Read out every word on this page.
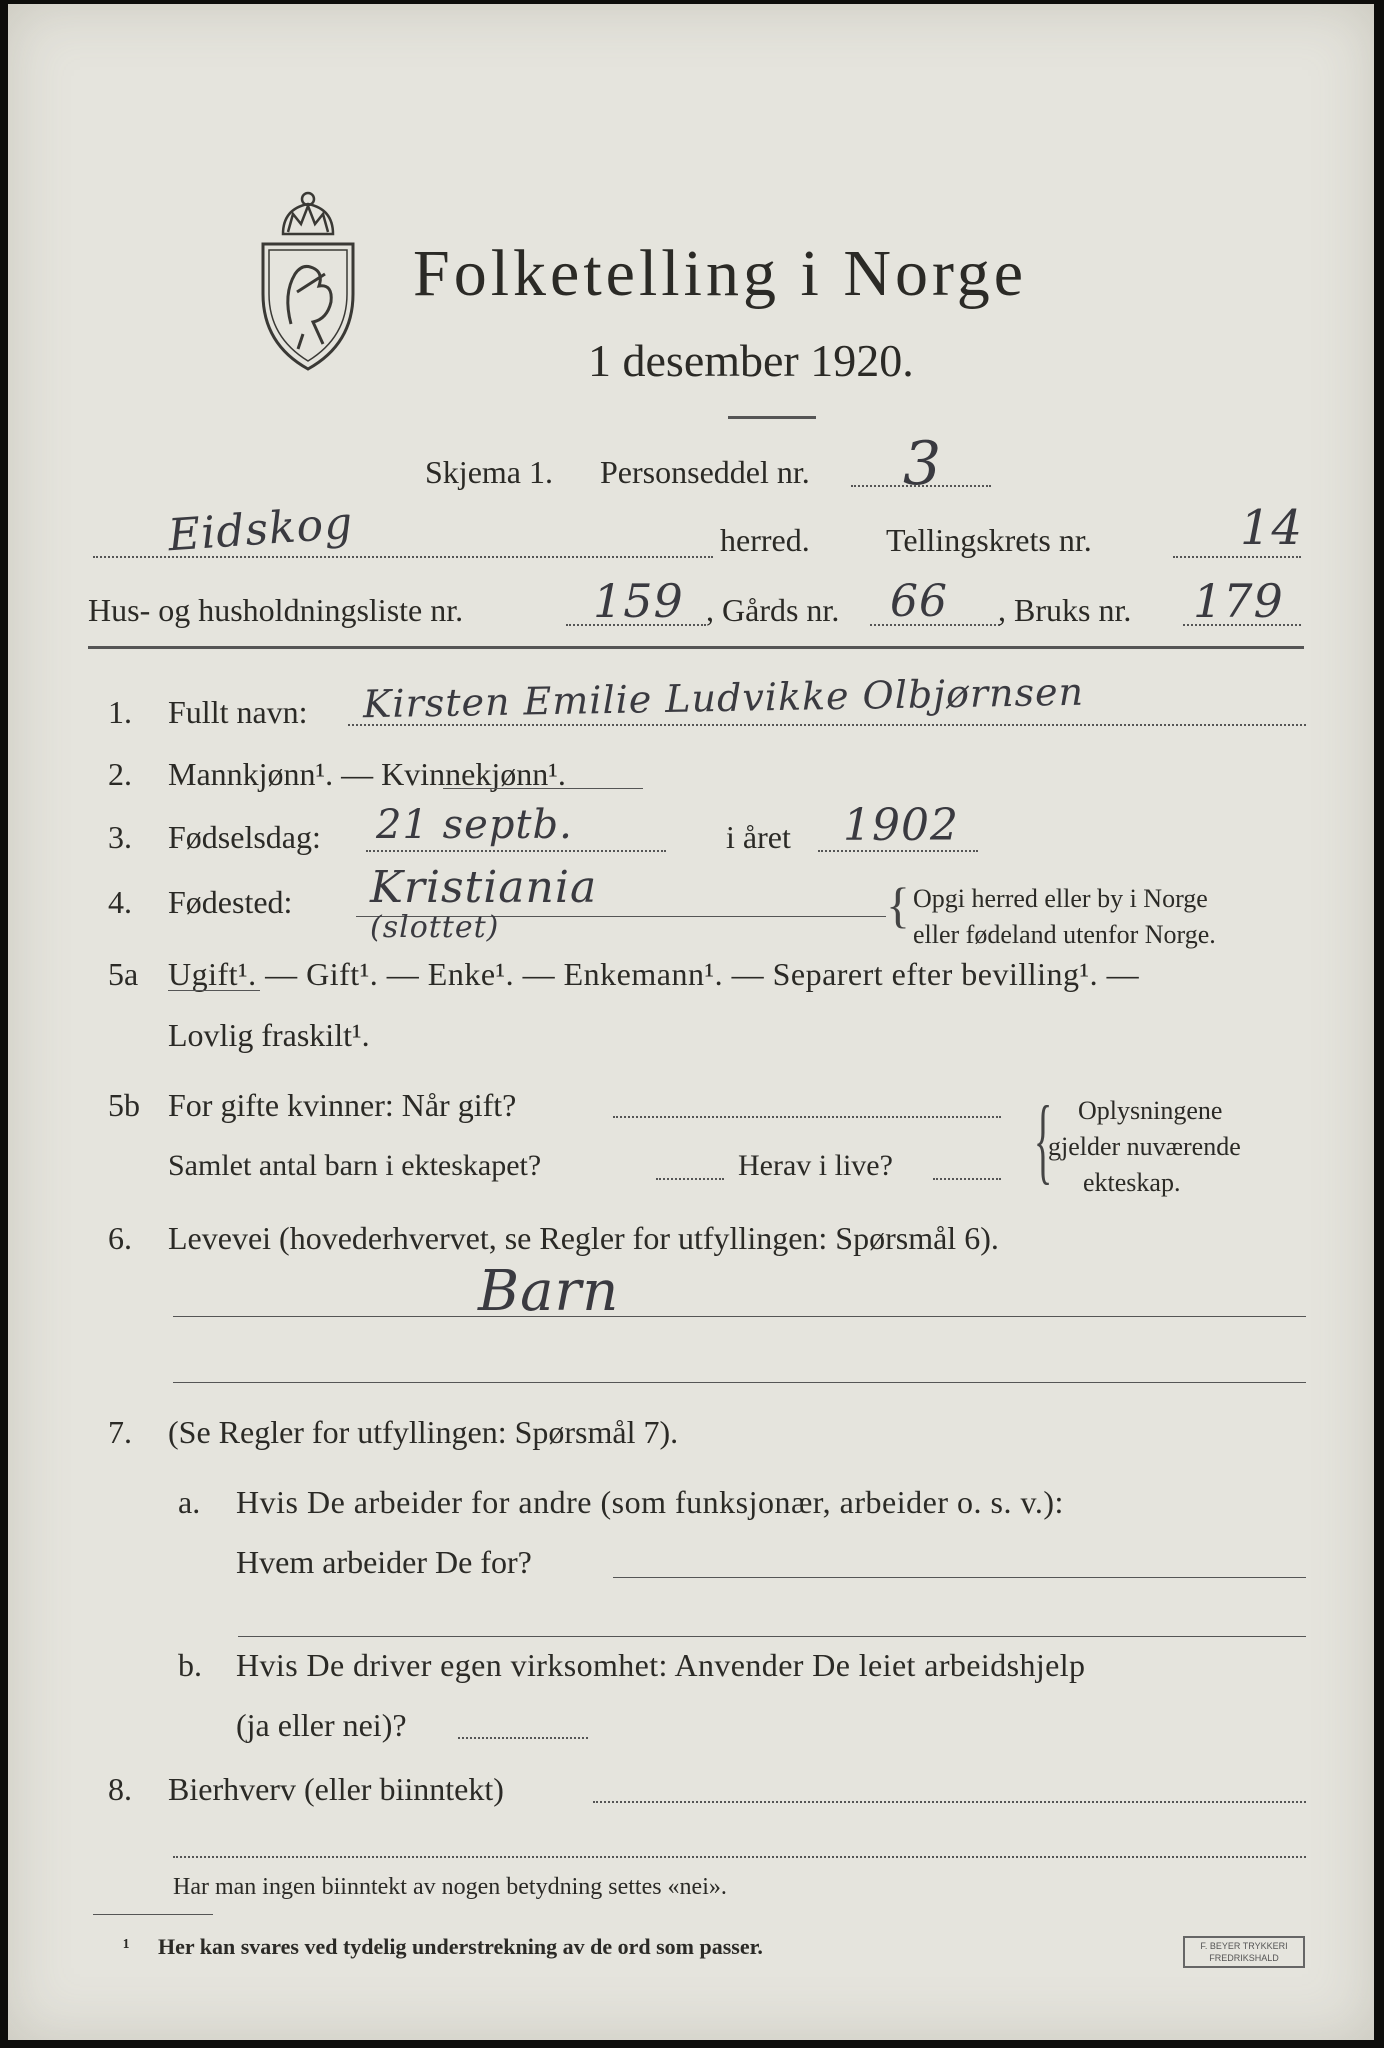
Folketelling i Norge
1 desember 1920.
Skjema 1. Personseddel nr. 3
Eidskog	herred. Tellingskrets nr.	14
Hus- og husholdningsliste nr.	159 , Gårds nr. 66 , Bruks nr. 179
1. Fullt navn: Kirsten Emilie Ludvikke Olbjørnsen
2. Mannkjønn¹. — Kvinnekjønn¹.
3. Fødselsdag: 21 septb.	i året 1902
4. Fødested: Kristiania
(slottet)	{ Opgi herred eller by i Norge
eller fødeland utenfor Norge.
5a Ugift¹. — Gift¹. — Enke¹. — Enkemann¹. — Separert efter bevilling¹. —
Lovlig fraskilt¹.
5b For gifte kvinner: Når gift?
Samlet antal barn i ekteskapet?	Herav i live? { Oplysningene
gjelder nuværende
ekteskap.
6. Levevei (hovederhvervet, se Regler for utfyllingen: Spørsmål 6).
Barn
7. (Se Regler for utfyllingen: Spørsmål 7).
a. Hvis De arbeider for andre (som funksjonær, arbeider o. s. v.):
Hvem arbeider De for?
b. Hvis De driver egen virksomhet: Anvender De leiet arbeidshjelp
(ja eller nei)?
8. Bierhverv (eller biinntekt)
Har man ingen biinntekt av nogen betydning settes «nei».
¹ Her kan svares ved tydelig understrekning av de ord som passer.	F. BEYER TRYKKERI FREDRIKSHALD
